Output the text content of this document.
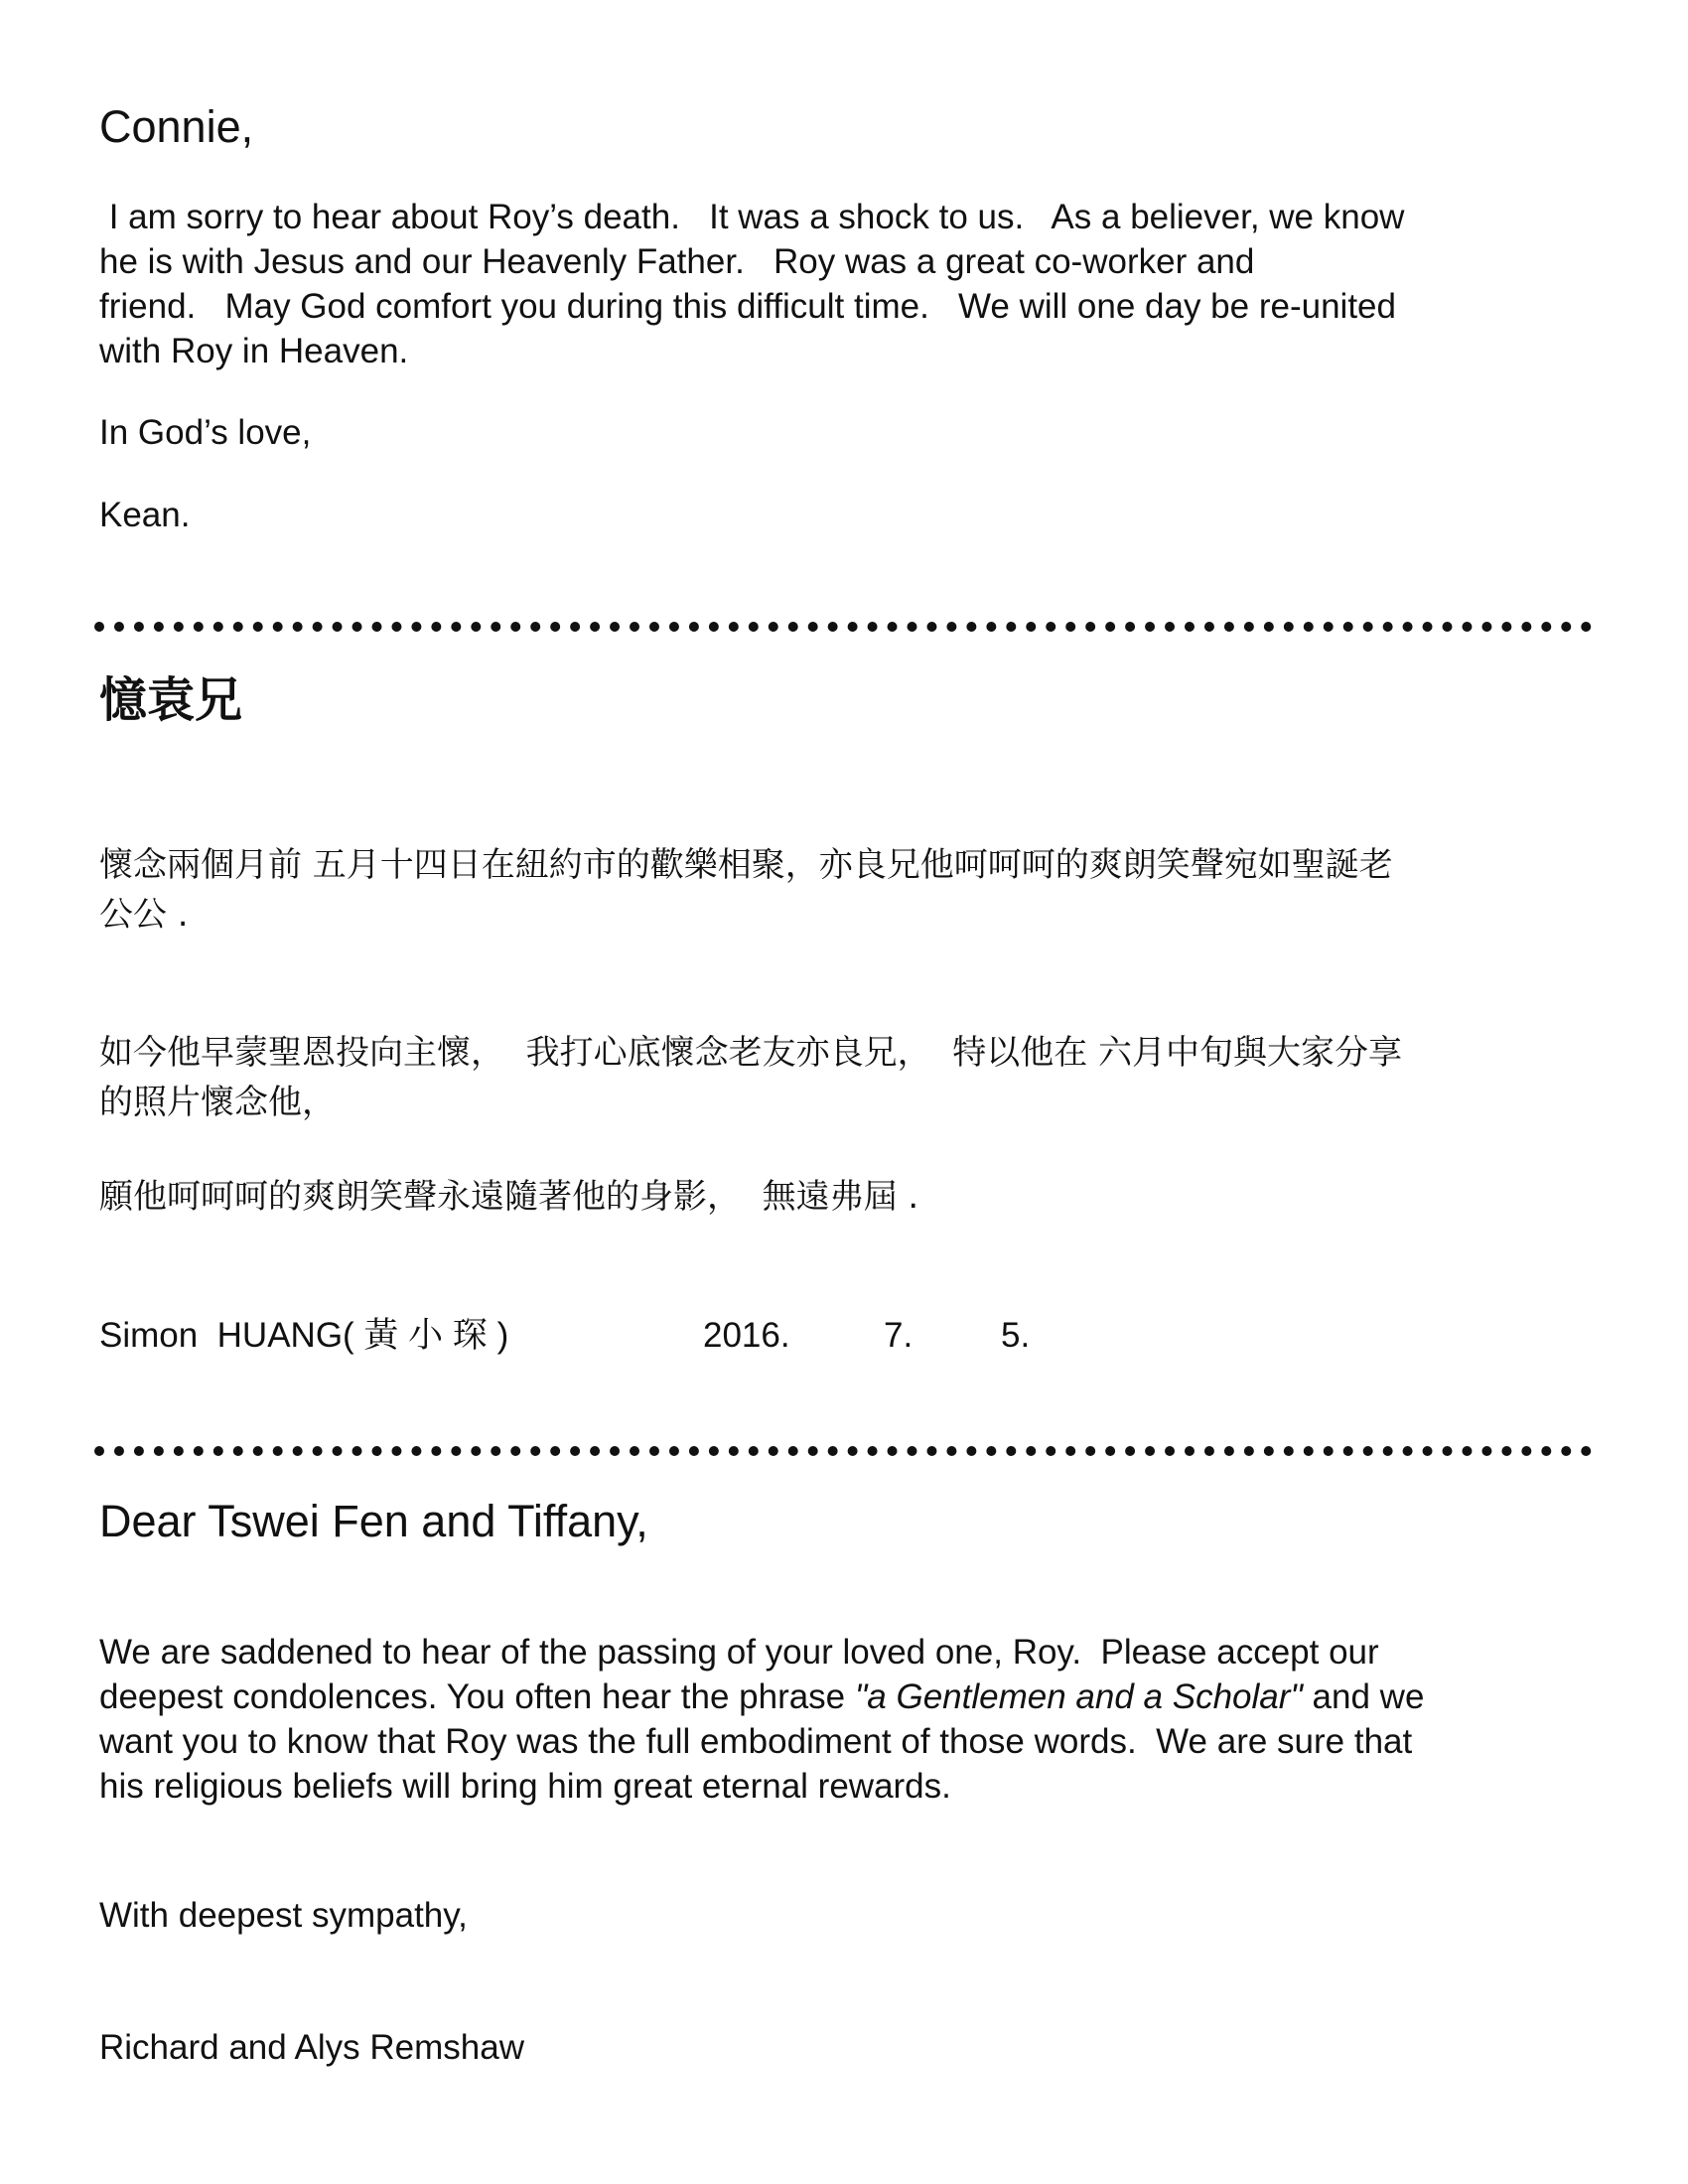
Connie,

I am sorry to hear about Roy’s death.   It was a shock to us.   As a believer, we know
he is with Jesus and our Heavenly Father.   Roy was a great co-worker and
friend.   May God comfort you during this difficult time.   We will one day be re-united
with Roy in Heaven.

In God’s love,

Kean.

憶袁兄

懷念兩個月前 五月十四日在紐約市的歡樂相聚，亦良兄他呵呵呵的爽朗笑聲宛如聖誕老
公公 .
如今他早蒙聖恩投向主懷，  我打心底懷念老友亦良兄，  特以他在 六月中旬與大家分享
的照片懷念他，

願他呵呵呵的爽朗笑聲永遠隨著他的身影，  無遠弗屆 .

Simon  HUANG( 黃 小 琛 )	2016.	7.	5.

Dear Tswei Fen and Tiffany,

We are saddened to hear of the passing of your loved one, Roy.  Please accept our
deepest condolences. You often hear the phrase "a Gentlemen and a Scholar" and we
want you to know that Roy was the full embodiment of those words.  We are sure that
his religious beliefs will bring him great eternal rewards.

With deepest sympathy,

Richard and Alys Remshaw
